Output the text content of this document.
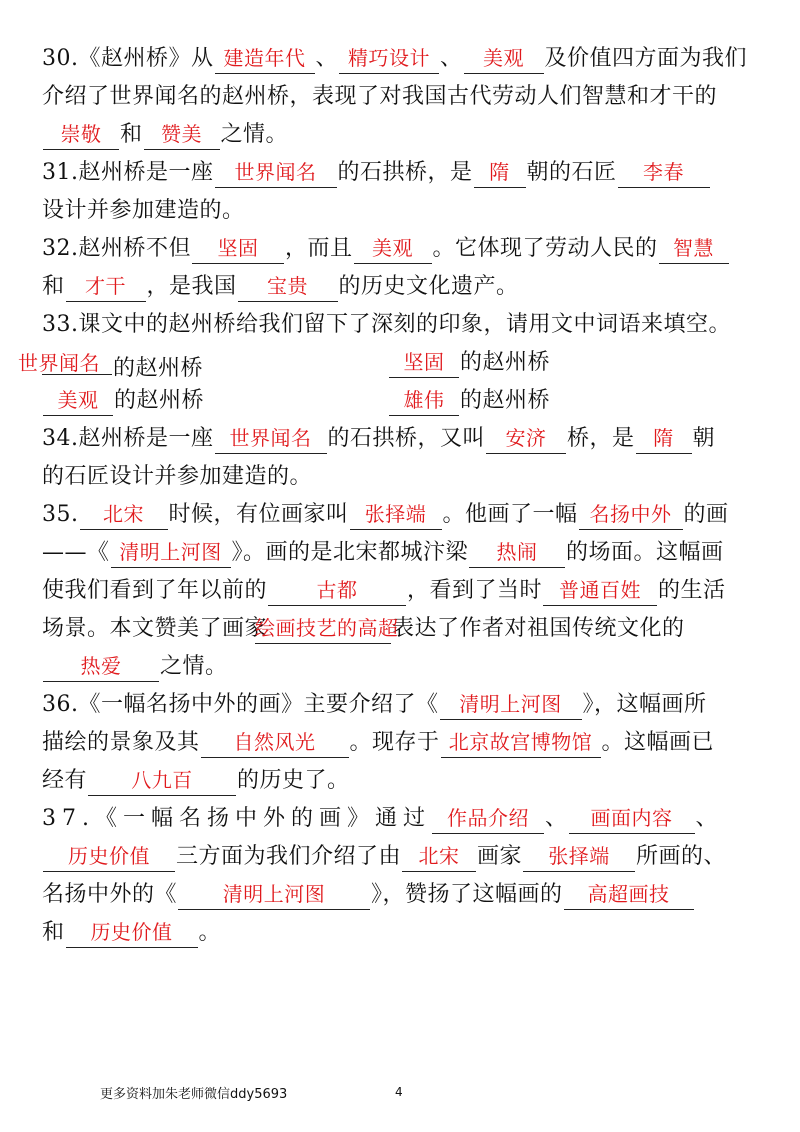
30.《赵州桥》从 建造年代 、 精巧设计 、 美观 及价值四方面为我们
介绍了世界闻名的赵州桥，表现了对我国古代劳动人们智慧和才干的
崇敬 和 赞美 之情。
31.赵州桥是一座 世界闻名 的石拱桥，是 隋 朝的石匠 李春
设计并参加建造的。
32.赵州桥不但 坚固 ，而且 美观 。它体现了劳动人民的 智慧
和 才干 ，是我国 宝贵 的历史文化遗产。
33.课文中的赵州桥给我们留下了深刻的印象，请用文中词语来填空。
世界闻名 的赵州桥	坚固 的赵州桥
美观 的赵州桥	雄伟 的赵州桥
34.赵州桥是一座 世界闻名 的石拱桥，又叫 安济 桥，是 隋 朝
的石匠设计并参加建造的。
35. 北宋 时候，有位画家叫 张择端 。他画了一幅 名扬中外 的画
——《 清明上河图 》。画的是北宋都城汴梁 热闹 的场面。这幅画
使我们看到了年以前的 古都 ，看到了当时 普通百姓 的生活
场景。本文赞美了画家绘画技艺的高超表达了作者对祖国传统文化的
热爱 之情。
36.《一幅名扬中外的画》主要介绍了《 清明上河图 》，这幅画所
描绘的景象及其 自然风光 。现存于 北京故宫博物馆 。这幅画已
经有 八九百 的历史了。
37.《一幅名扬中外的画》通过 作品介绍 、 画面内容 、
历史价值 三方面为我们介绍了由 北宋 画家 张择端 所画的、
名扬中外的《 清明上河图 》，赞扬了这幅画的 高超画技
和 历史价值 。
更多资料加朱老师微信ddy5693	4
